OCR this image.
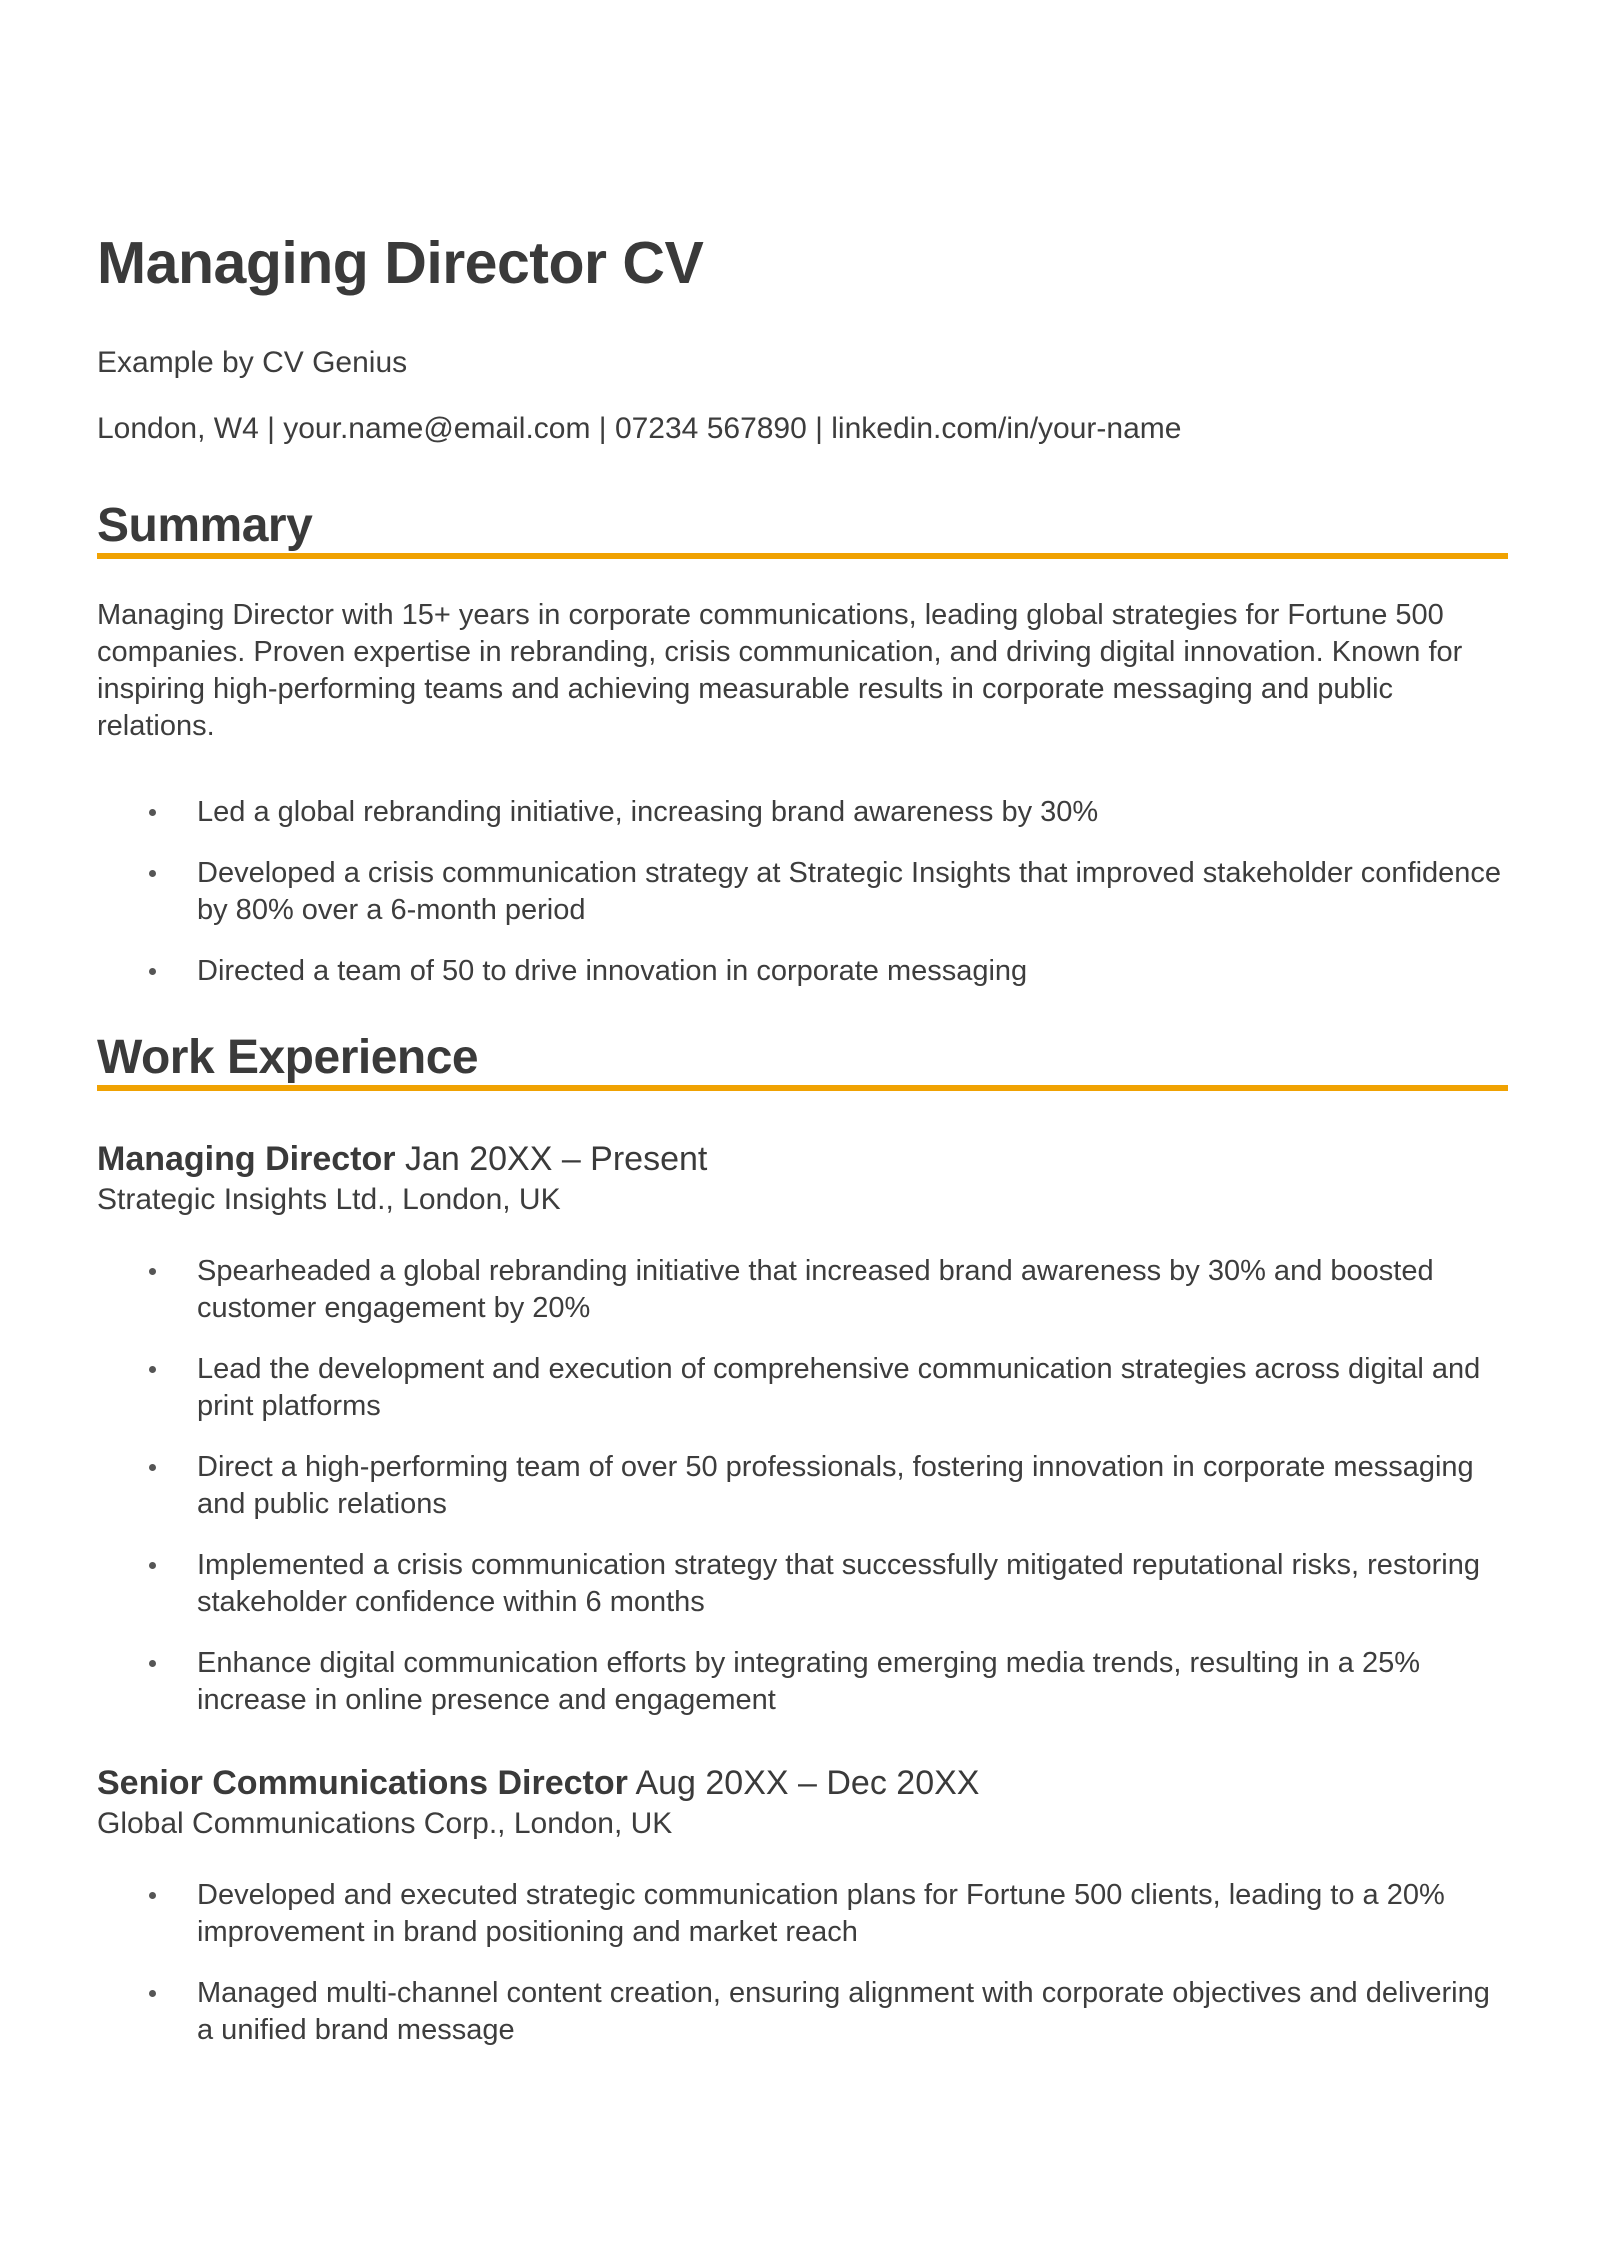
Managing Director CV

Example by CV Genius

London, W4 | your.name@email.com | 07234 567890 | linkedin.com/in/your-name

Summary

Managing Director with 15+ years in corporate communications, leading global strategies for Fortune 500 companies. Proven expertise in rebranding, crisis communication, and driving digital innovation. Known for inspiring high-performing teams and achieving measurable results in corporate messaging and public relations.

Led a global rebranding initiative, increasing brand awareness by 30%
Developed a crisis communication strategy at Strategic Insights that improved stakeholder confidence by 80% over a 6-month period
Directed a team of 50 to drive innovation in corporate messaging
Work Experience
Managing Director Jan 20XX – Present
Strategic Insights Ltd., London, UK
Spearheaded a global rebranding initiative that increased brand awareness by 30% and boosted customer engagement by 20%
Lead the development and execution of comprehensive communication strategies across digital and print platforms
Direct a high-performing team of over 50 professionals, fostering innovation in corporate messaging and public relations
Implemented a crisis communication strategy that successfully mitigated reputational risks, restoring stakeholder confidence within 6 months
Enhance digital communication efforts by integrating emerging media trends, resulting in a 25% increase in online presence and engagement
Senior Communications Director Aug 20XX – Dec 20XX
Global Communications Corp., London, UK
Developed and executed strategic communication plans for Fortune 500 clients, leading to a 20% improvement in brand positioning and market reach
Managed multi-channel content creation, ensuring alignment with corporate objectives and delivering a unified brand message
